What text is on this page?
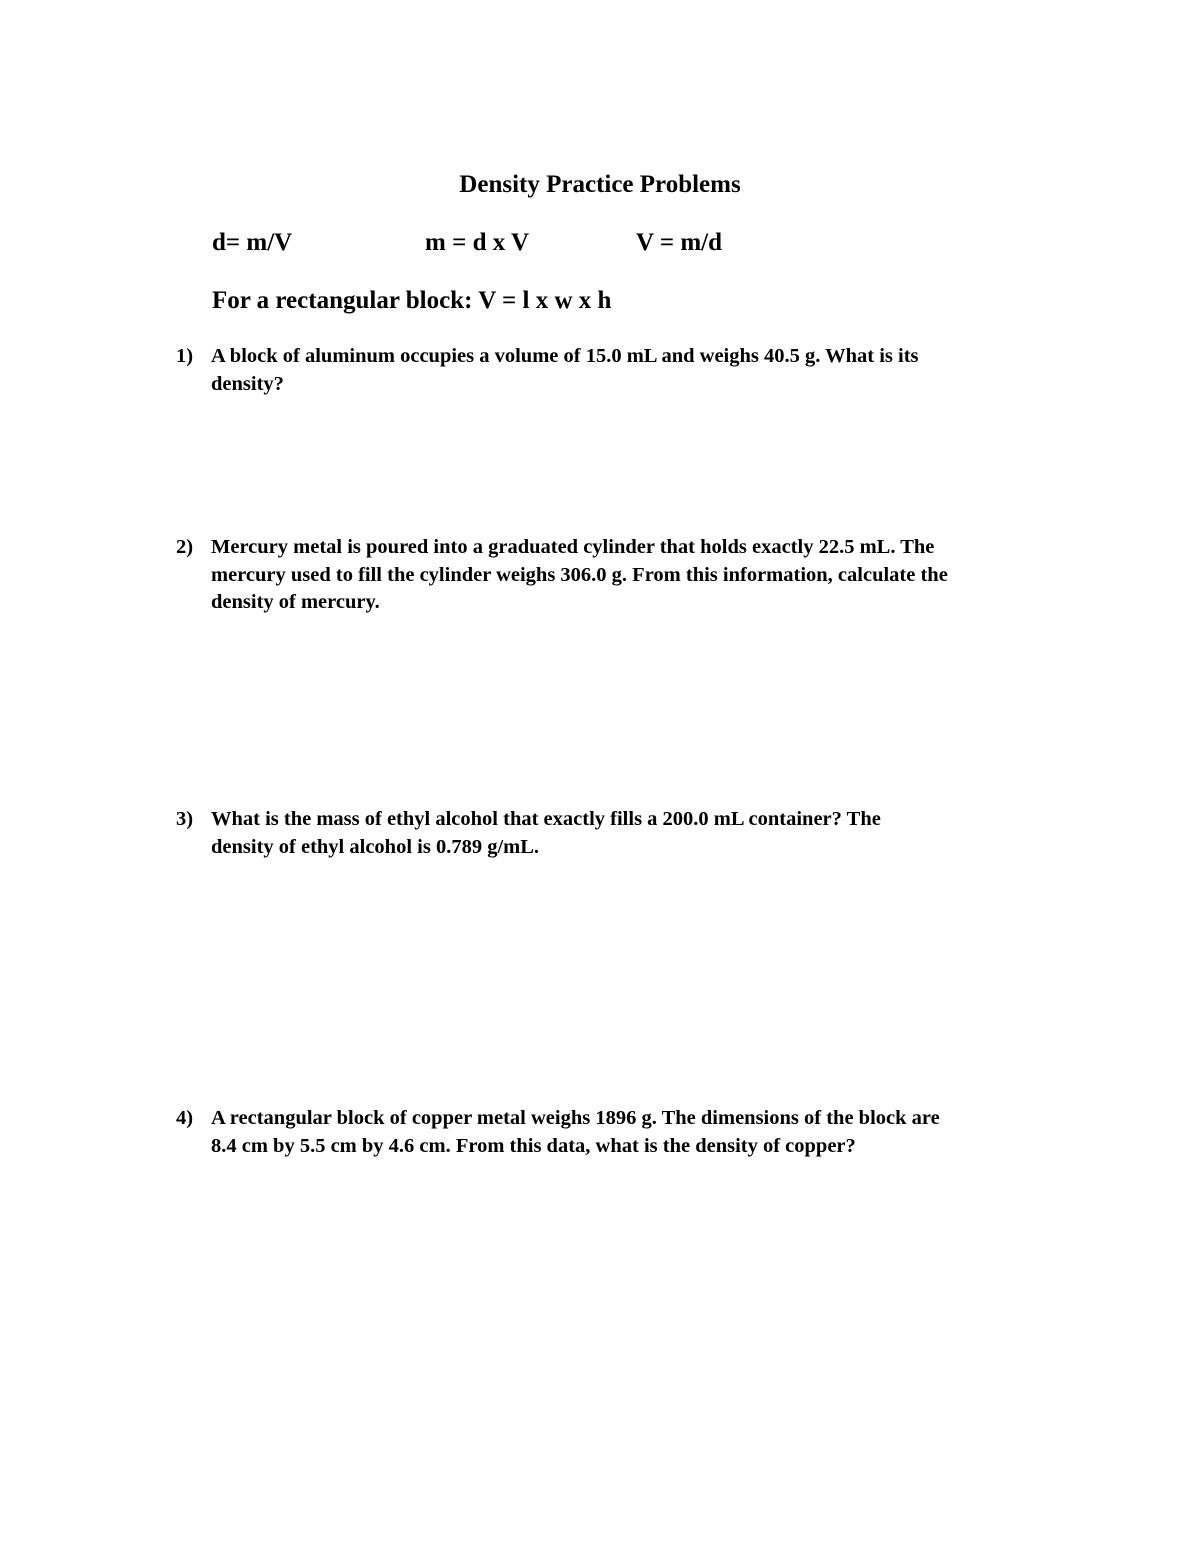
Density Practice Problems
d= m/V	m = d x V	V = m/d
For a rectangular block: V = l x w x h
1) A block of aluminum occupies a volume of 15.0 mL and weighs 40.5 g. What is its
density?
2) Mercury metal is poured into a graduated cylinder that holds exactly 22.5 mL. The
mercury used to fill the cylinder weighs 306.0 g. From this information, calculate the
density of mercury.
3) What is the mass of ethyl alcohol that exactly fills a 200.0 mL container? The
density of ethyl alcohol is 0.789 g/mL.
4) A rectangular block of copper metal weighs 1896 g. The dimensions of the block are
8.4 cm by 5.5 cm by 4.6 cm. From this data, what is the density of copper?
